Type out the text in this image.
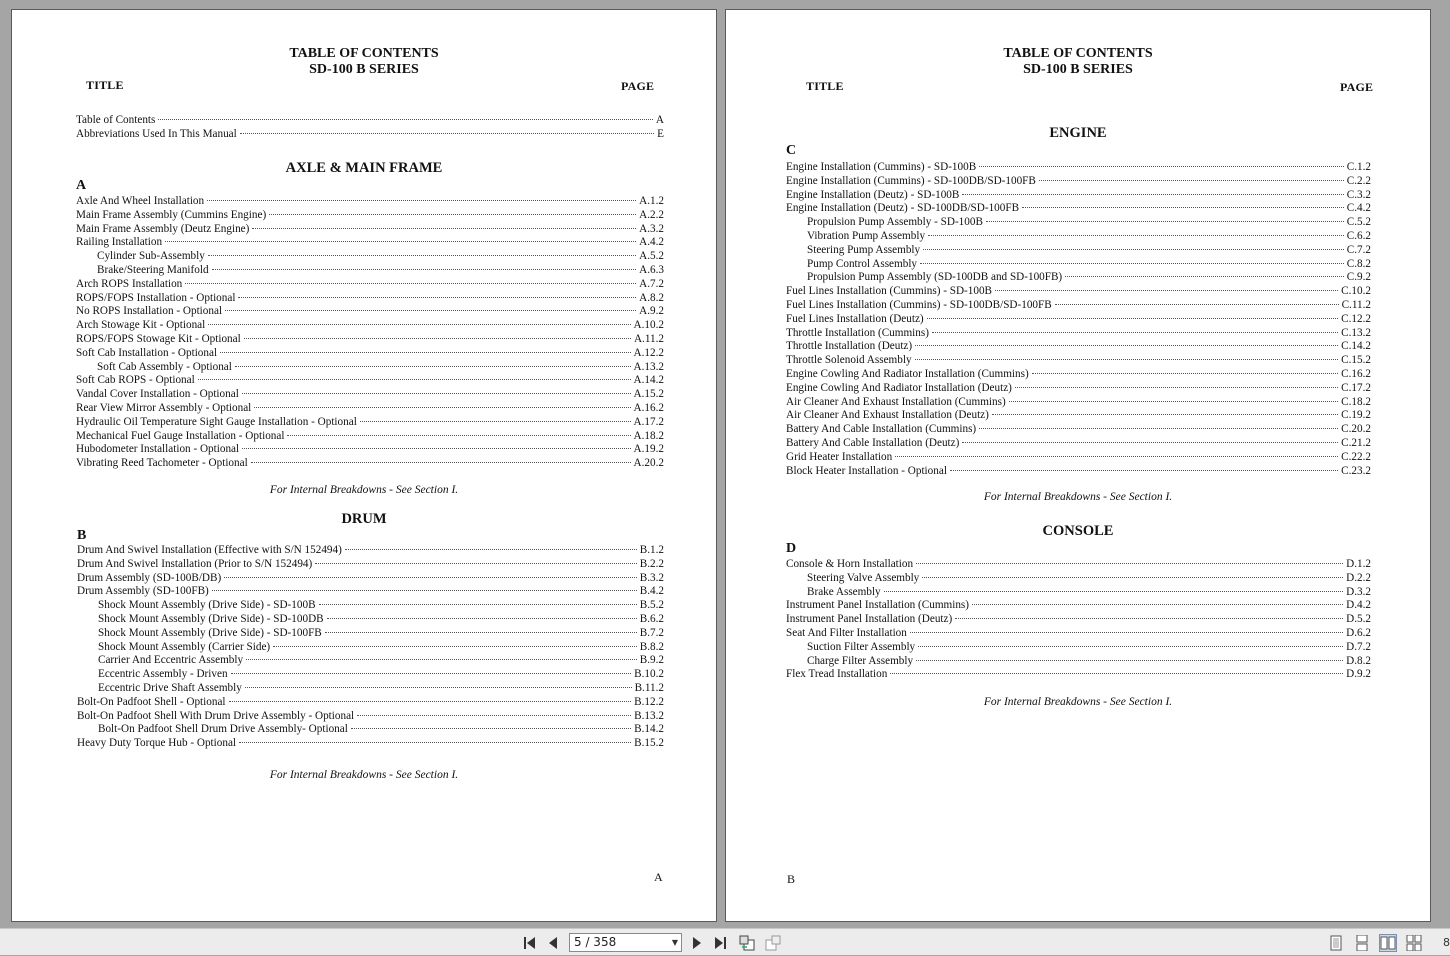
TABLE OF CONTENTS
SD-100 B SERIES
TITLE	PAGE
Table of Contents	A
Abbreviations Used In This Manual	E
AXLE & MAIN FRAME
A
Axle And Wheel Installation	A.1.2
Main Frame Assembly (Cummins Engine)	A.2.2
Main Frame Assembly (Deutz Engine)	A.3.2
Railing Installation	A.4.2
Cylinder Sub-Assembly	A.5.2
Brake/Steering Manifold	A.6.3
Arch ROPS Installation	A.7.2
ROPS/FOPS Installation - Optional	A.8.2
No ROPS Installation - Optional	A.9.2
Arch Stowage Kit - Optional	A.10.2
ROPS/FOPS Stowage Kit - Optional	A.11.2
Soft Cab Installation - Optional	A.12.2
Soft Cab Assembly - Optional	A.13.2
Soft Cab ROPS - Optional	A.14.2
Vandal Cover Installation - Optional	A.15.2
Rear View Mirror Assembly - Optional	A.16.2
Hydraulic Oil Temperature Sight Gauge Installation - Optional	A.17.2
Mechanical Fuel Gauge Installation - Optional	A.18.2
Hubodometer Installation - Optional	A.19.2
Vibrating Reed Tachometer - Optional	A.20.2
For Internal Breakdowns - See Section I.
DRUM
B
Drum And Swivel Installation (Effective with S/N 152494)	B.1.2
Drum And Swivel Installation (Prior to S/N 152494)	B.2.2
Drum Assembly (SD-100B/DB)	B.3.2
Drum Assembly (SD-100FB)	B.4.2
Shock Mount Assembly (Drive Side) - SD-100B	B.5.2
Shock Mount Assembly (Drive Side) - SD-100DB	B.6.2
Shock Mount Assembly (Drive Side) - SD-100FB	B.7.2
Shock Mount Assembly (Carrier Side)	B.8.2
Carrier And Eccentric Assembly	B.9.2
Eccentric Assembly - Driven	B.10.2
Eccentric Drive Shaft Assembly	B.11.2
Bolt-On Padfoot Shell - Optional	B.12.2
Bolt-On Padfoot Shell With Drum Drive Assembly - Optional	B.13.2
Bolt-On Padfoot Shell Drum Drive Assembly- Optional	B.14.2
Heavy Duty Torque Hub - Optional	B.15.2
For Internal Breakdowns - See Section I.
A
TABLE OF CONTENTS
SD-100 B SERIES
TITLE	PAGE
ENGINE
C
Engine Installation (Cummins) - SD-100B	C.1.2
Engine Installation (Cummins) - SD-100DB/SD-100FB	C.2.2
Engine Installation (Deutz) - SD-100B	C.3.2
Engine Installation (Deutz) - SD-100DB/SD-100FB	C.4.2
Propulsion Pump Assembly - SD-100B	C.5.2
Vibration Pump Assembly	C.6.2
Steering Pump Assembly	C.7.2
Pump Control Assembly	C.8.2
Propulsion Pump Assembly (SD-100DB and SD-100FB)	C.9.2
Fuel Lines Installation (Cummins) - SD-100B	C.10.2
Fuel Lines Installation (Cummins) - SD-100DB/SD-100FB	C.11.2
Fuel Lines Installation (Deutz)	C.12.2
Throttle Installation (Cummins)	C.13.2
Throttle Installation (Deutz)	C.14.2
Throttle Solenoid Assembly	C.15.2
Engine Cowling And Radiator Installation (Cummins)	C.16.2
Engine Cowling And Radiator Installation (Deutz)	C.17.2
Air Cleaner And Exhaust Installation (Cummins)	C.18.2
Air Cleaner And Exhaust Installation (Deutz)	C.19.2
Battery And Cable Installation (Cummins)	C.20.2
Battery And Cable Installation (Deutz)	C.21.2
Grid Heater Installation	C.22.2
Block Heater Installation - Optional	C.23.2
For Internal Breakdowns - See Section I.
CONSOLE
D
Console & Horn Installation	D.1.2
Steering Valve Assembly	D.2.2
Brake Assembly	D.3.2
Instrument Panel Installation (Cummins)	D.4.2
Instrument Panel Installation (Deutz)	D.5.2
Seat And Filter Installation	D.6.2
Suction Filter Assembly	D.7.2
Charge Filter Assembly	D.8.2
Flex Tread Installation	D.9.2
For Internal Breakdowns - See Section I.
B
5 / 358	▼	8
